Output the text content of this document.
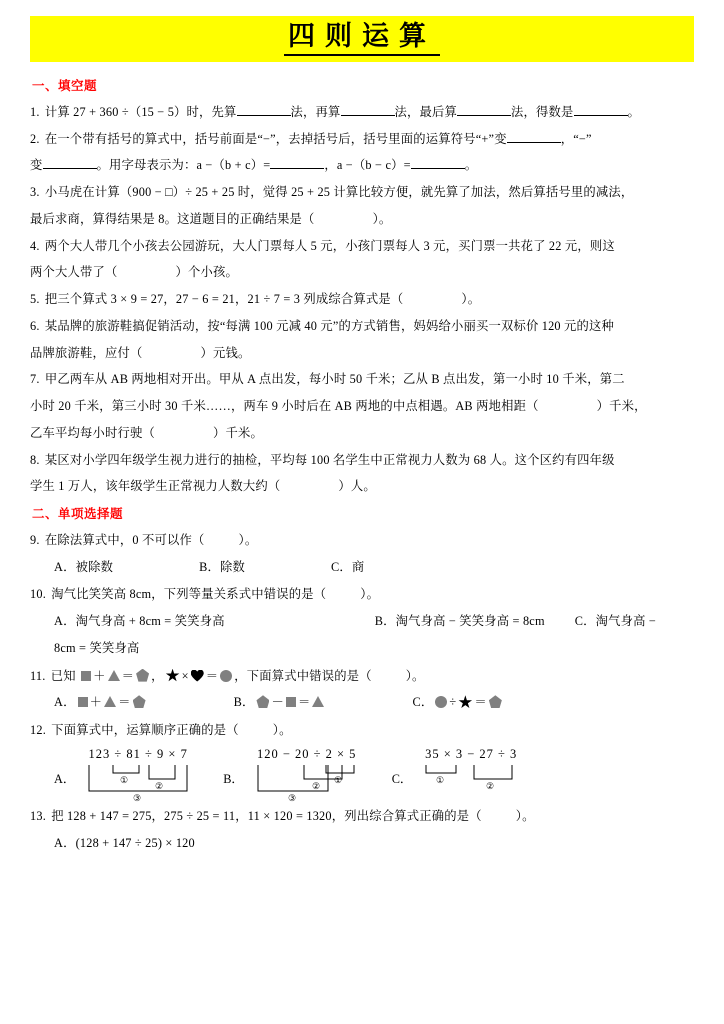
四则运算
一、填空题
1. 计算 27 + 360 ÷（15 − 5）时，先算	法，再算	法，最后算	法，得数是	。
2. 在一个带有括号的算式中，括号前面是“−”，去掉括号后，括号里面的运算符号“+”变	，“−”
变	。用字母表示为：a −（b + c）=	，a −（b − c）=	。
3. 小马虎在计算（900 − □）÷ 25 + 25 时，觉得 25 + 25 计算比较方便，就先算了加法，然后算括号里的减法，
最后求商，算得结果是 8。这道题目的正确结果是（	）。
4. 两个大人带几个小孩去公园游玩，大人门票每人 5 元，小孩门票每人 3 元，买门票一共花了 22 元，则这
两个大人带了（	）个小孩。
5. 把三个算式 3 × 9 = 27，27 − 6 = 21，21 ÷ 7 = 3 列成综合算式是（	）。
6. 某品牌的旅游鞋搞促销活动，按“每满 100 元减 40 元”的方式销售，妈妈给小丽买一双标价 120 元的这种
品牌旅游鞋，应付（	）元钱。
7. 甲乙两车从 AB 两地相对开出。甲从 A 点出发，每小时 50 千米；乙从 B 点出发，第一小时 10 千米，第二
小时 20 千米，第三小时 30 千米……，两车 9 小时后在 AB 两地的中点相遇。AB 两地相距（	）千米，
乙车平均每小时行驶（	）千米。
8. 某区对小学四年级学生视力进行的抽检，平均每 100 名学生中正常视力人数为 68 人。这个区约有四年级
学生 1 万人，该年级学生正常视力人数大约（	）人。
二、单项选择题
9. 在除法算式中，0 不可以作（	）。
A．被除数	B．除数	C．商
10. 淘气比笑笑高 8cm，下列等量关系式中错误的是（	）。
A．淘气身高 + 8cm = 笑笑身高	B．淘气身高 − 笑笑身高 = 8cm C．淘气身高 −
8cm = 笑笑身高
11. 已知 ＋ ＝ ， × ＝ ，下面算式中错误的是（	）。
A． ＋ ＝	B． － ＝	C． ÷ ＝
12. 下面算式中，运算顺序正确的是（	）。
A．
123 ÷ 81 ÷ 9 × 7
①
②
③
B．
120 − 20 ÷ 2 × 5
①
②
③
C．
35 × 3 − 27 ÷ 3
①
②
13. 把 128 + 147 = 275，275 ÷ 25 = 11，11 × 120 = 1320，列出综合算式正确的是（	）。
A．(128 + 147 ÷ 25) × 120
